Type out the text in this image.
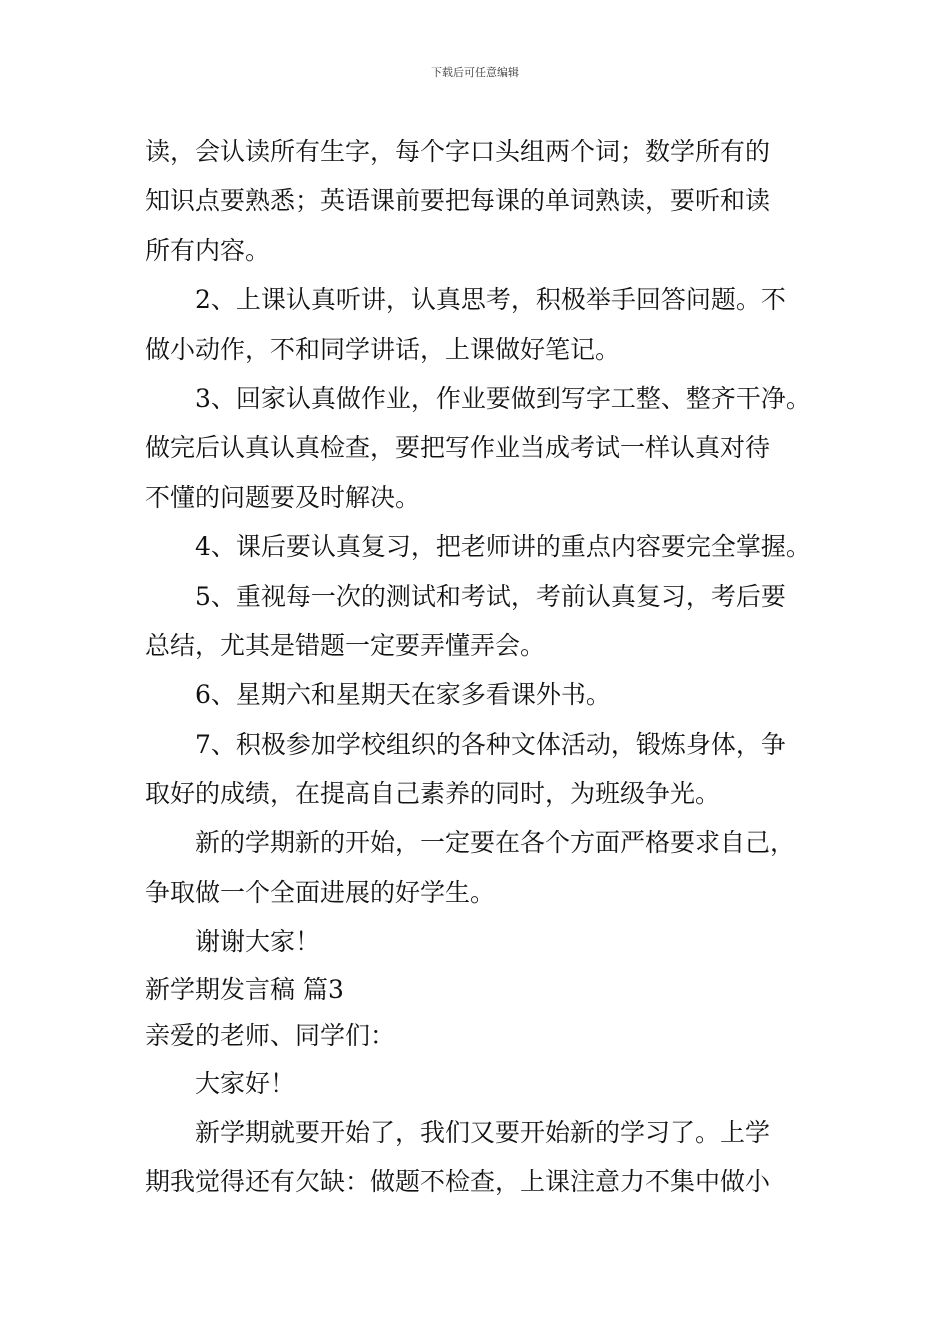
下载后可任意编辑
读，会认读所有生字，每个字口头组两个词；数学所有的
知识点要熟悉；英语课前要把每课的单词熟读，要听和读
所有内容。
2、上课认真听讲，认真思考，积极举手回答问题。不
做小动作，不和同学讲话，上课做好笔记。
3、回家认真做作业，作业要做到写字工整、整齐干净。
做完后认真认真检查，要把写作业当成考试一样认真对待
不懂的问题要及时解决。
4、课后要认真复习，把老师讲的重点内容要完全掌握。
5、重视每一次的测试和考试，考前认真复习，考后要
总结，尤其是错题一定要弄懂弄会。
6、星期六和星期天在家多看课外书。
7、积极参加学校组织的各种文体活动，锻炼身体，争
取好的成绩，在提高自己素养的同时，为班级争光。
新的学期新的开始，一定要在各个方面严格要求自己，
争取做一个全面进展的好学生。
谢谢大家！
新学期发言稿 篇3
亲爱的老师、同学们：
大家好！
新学期就要开始了，我们又要开始新的学习了。上学
期我觉得还有欠缺：做题不检查，上课注意力不集中做小
